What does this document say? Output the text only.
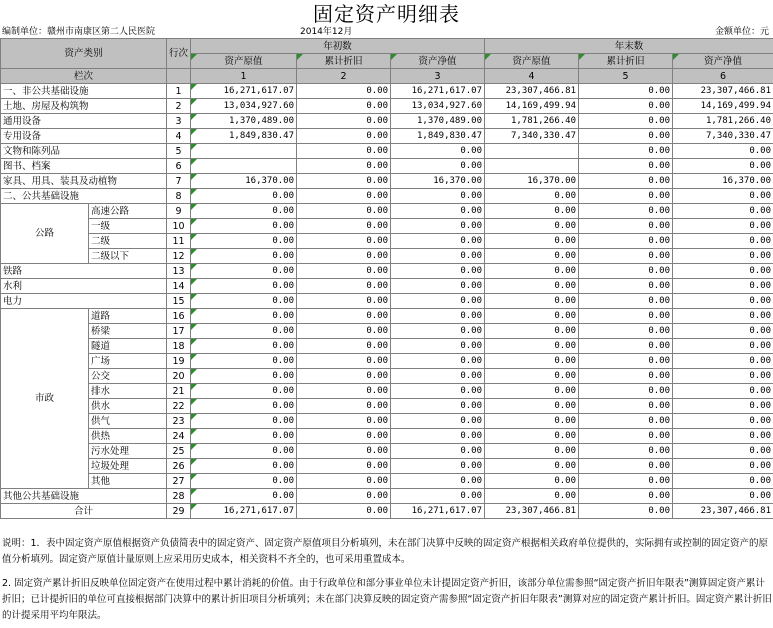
固定资产明细表
编制单位：赣州市南康区第二人民医院	2014年12月	金额单位：元
资产类别		行次	年初数			年末数		
			资产原值	累计折旧	资产净值	资产原值	累计折旧	资产净值

栏次			1	2	3	4	5	6
一、非公共基础设施		1	16,271,617.07	0.00	16,271,617.07	23,307,466.81	0.00	23,307,466.81
土地、房屋及构筑物		2	13,034,927.60	0.00	13,034,927.60	14,169,499.94	0.00	14,169,499.94
通用设备		3	1,370,489.00	0.00	1,370,489.00	1,781,266.40	0.00	1,781,266.40
专用设备		4	1,849,830.47	0.00	1,849,830.47	7,340,330.47	0.00	7,340,330.47
文物和陈列品		5		0.00	0.00		0.00	0.00
图书、档案		6		0.00	0.00		0.00	0.00
家具、用具、装具及动植物		7	16,370.00	0.00	16,370.00	16,370.00	0.00	16,370.00
二、公共基础设施		8	0.00	0.00	0.00	0.00	0.00	0.00
公路	高速公路	9	0.00	0.00	0.00	0.00	0.00	0.00
	一级	10	0.00	0.00	0.00	0.00	0.00	0.00
	二级	11	0.00	0.00	0.00	0.00	0.00	0.00
	二级以下	12	0.00	0.00	0.00	0.00	0.00	0.00
铁路		13	0.00	0.00	0.00	0.00	0.00	0.00
水利		14	0.00	0.00	0.00	0.00	0.00	0.00
电力		15	0.00	0.00	0.00	0.00	0.00	0.00
市政	道路	16	0.00	0.00	0.00	0.00	0.00	0.00
	桥梁	17	0.00	0.00	0.00	0.00	0.00	0.00
	隧道	18	0.00	0.00	0.00	0.00	0.00	0.00
	广场	19	0.00	0.00	0.00	0.00	0.00	0.00
	公交	20	0.00	0.00	0.00	0.00	0.00	0.00
	排水	21	0.00	0.00	0.00	0.00	0.00	0.00
	供水	22	0.00	0.00	0.00	0.00	0.00	0.00
	供气	23	0.00	0.00	0.00	0.00	0.00	0.00
	供热	24	0.00	0.00	0.00	0.00	0.00	0.00
	污水处理	25	0.00	0.00	0.00	0.00	0.00	0.00
	垃圾处理	26	0.00	0.00	0.00	0.00	0.00	0.00
	其他	27	0.00	0.00	0.00	0.00	0.00	0.00
其他公共基础设施		28	0.00	0.00	0.00	0.00	0.00	0.00
合计		29	16,271,617.07	0.00	16,271,617.07	23,307,466.81	0.00	23,307,466.81
说明：1．表中固定资产原值根据资产负债简表中的固定资产、固定资产原值项目分析填列，未在部门决算中反映的固定资产根据相关政府单位提供的，实际拥有或控制的固定资产的原值分析填列。固定资产原值计量原则上应采用历史成本，相关资料不齐全的，也可采用重置成本。
2. 固定资产累计折旧反映单位固定资产在使用过程中累计消耗的价值。由于行政单位和部分事业单位未计提固定资产折旧，该部分单位需参照“固定资产折旧年限表”测算固定资产累计折旧；已计提折旧的单位可直接根据部门决算中的累计折旧项目分析填列；未在部门决算反映的固定资产需参照“固定资产折旧年限表”测算对应的固定资产累计折旧。固定资产累计折旧的计提采用平均年限法。
